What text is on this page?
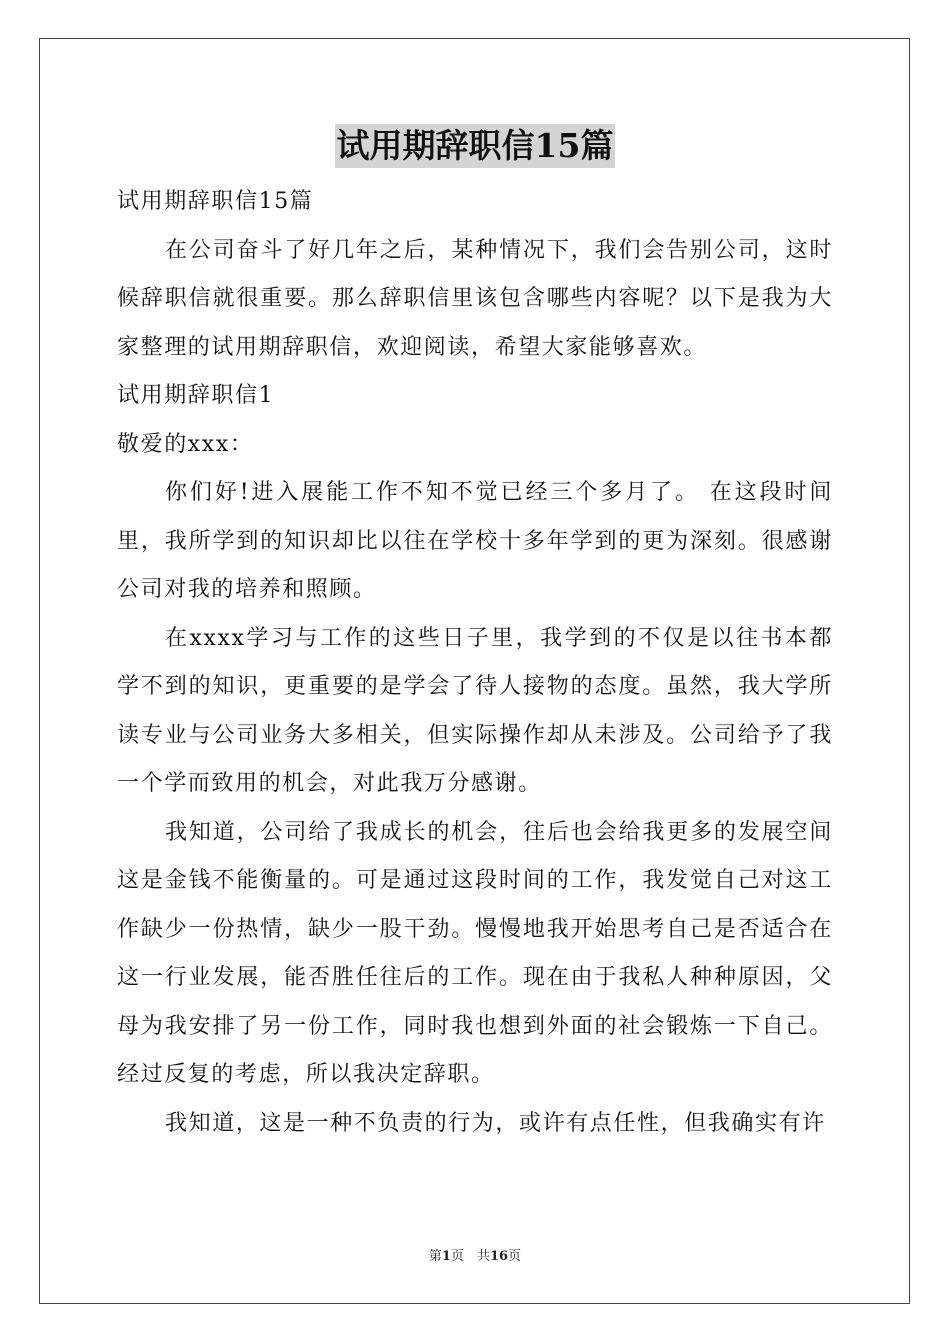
试用期辞职信15篇

试用期辞职信15篇

在公司奋斗了好几年之后，某种情况下，我们会告别公司，这时候辞职信就很重要。那么辞职信里该包含哪些内容呢？以下是我为大家整理的试用期辞职信，欢迎阅读，希望大家能够喜欢。

试用期辞职信1

敬爱的xxx：

你们好!进入展能工作不知不觉已经三个多月了。 在这段时间里，我所学到的知识却比以往在学校十多年学到的更为深刻。很感谢公司对我的培养和照顾。

在xxxx学习与工作的这些日子里，我学到的不仅是以往书本都学不到的知识，更重要的是学会了待人接物的态度。虽然，我大学所读专业与公司业务大多相关，但实际操作却从未涉及。公司给予了我一个学而致用的机会，对此我万分感谢。

我知道，公司给了我成长的机会，往后也会给我更多的发展空间这是金钱不能衡量的。可是通过这段时间的工作，我发觉自己对这工作缺少一份热情，缺少一股干劲。慢慢地我开始思考自己是否适合在这一行业发展，能否胜任往后的工作。现在由于我私人种种原因，父母为我安排了另一份工作，同时我也想到外面的社会锻炼一下自己。经过反复的考虑，所以我决定辞职。

我知道，这是一种不负责的行为，或许有点任性，但我确实有许

第1页　共16页
